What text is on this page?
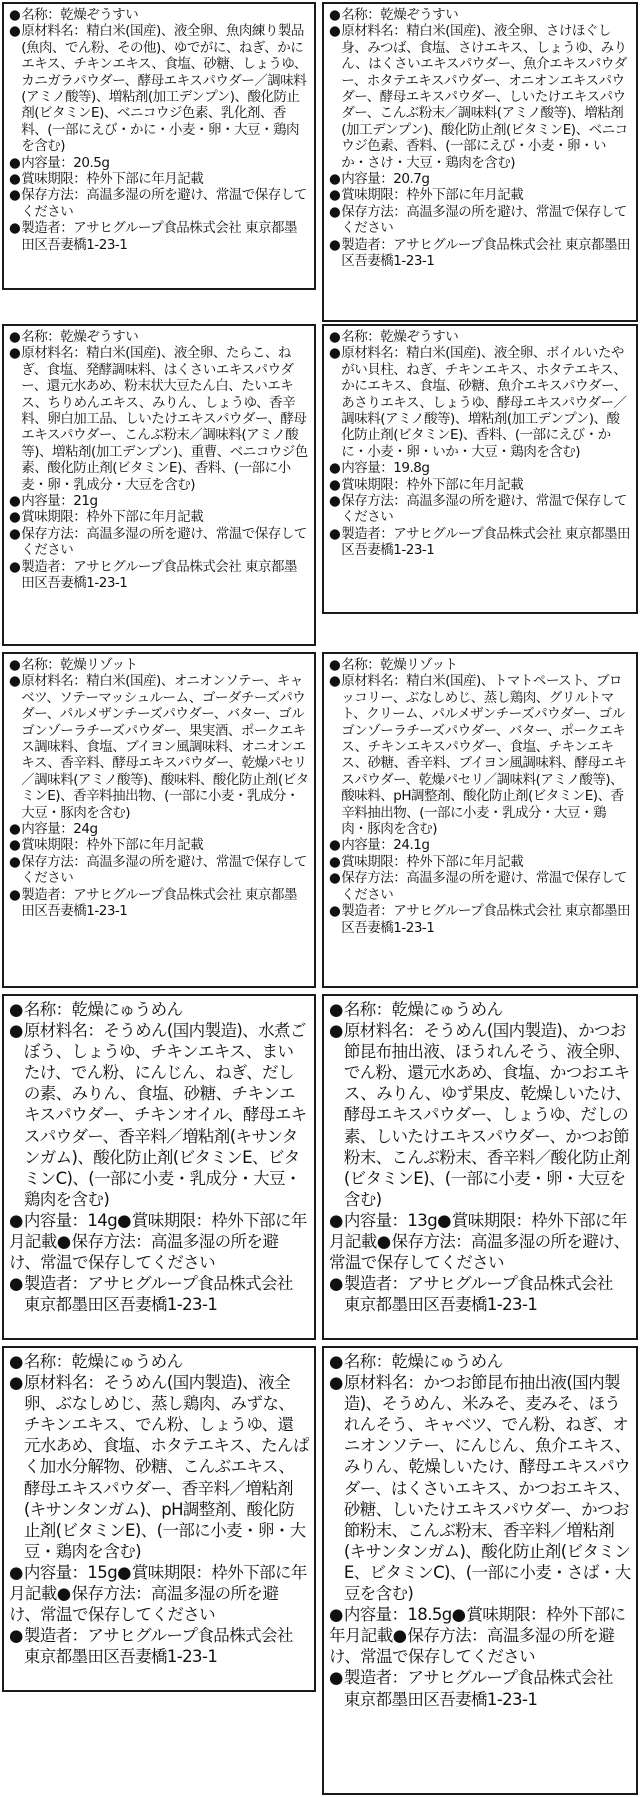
● 名称：乾燥ぞうすい
● 原材料名：精白米(国産)、液全卵、魚肉練り製品(魚肉、でん粉、その他)、ゆでがに、ねぎ、かにエキス、チキンエキス、食塩、砂糖、しょうゆ、カニガラパウダー、酵母エキスパウダー／調味料(アミノ酸等)、増粘剤(加工デンプン)、酸化防止剤(ビタミンE)、ベニコウジ色素、乳化剤、香料、(一部にえび・かに・小麦・卵・大豆・鶏肉を含む)
● 内容量：20.5g
● 賞味期限：枠外下部に年月記載
● 保存方法：高温多湿の所を避け、常温で保存してください
● 製造者：アサヒグループ食品株式会社 東京都墨田区吾妻橋1-23-1
● 名称：乾燥ぞうすい
● 原材料名：精白米(国産)、液全卵、さけほぐし身、みつば、食塩、さけエキス、しょうゆ、みりん、はくさいエキスパウダー、魚介エキスパウダー、ホタテエキスパウダー、オニオンエキスパウダー、酵母エキスパウダー、しいたけエキスパウダー、こんぶ粉末／調味料(アミノ酸等)、増粘剤(加工デンプン)、酸化防止剤(ビタミンE)、ベニコウジ色素、香料、(一部にえび・小麦・卵・いか・さけ・大豆・鶏肉を含む)
● 内容量：20.7g
● 賞味期限：枠外下部に年月記載
● 保存方法：高温多湿の所を避け、常温で保存してください
● 製造者：アサヒグループ食品株式会社 東京都墨田区吾妻橋1-23-1
● 名称：乾燥ぞうすい
● 原材料名：精白米(国産)、液全卵、たらこ、ねぎ、食塩、発酵調味料、はくさいエキスパウダー、還元水あめ、粉末状大豆たん白、たいエキス、ちりめんエキス、みりん、しょうゆ、香辛料、卵白加工品、しいたけエキスパウダー、酵母エキスパウダー、こんぶ粉末／調味料(アミノ酸等)、増粘剤(加工デンプン)、重曹、ベニコウジ色素、酸化防止剤(ビタミンE)、香料、(一部に小麦・卵・乳成分・大豆を含む)
● 内容量：21g
● 賞味期限：枠外下部に年月記載
● 保存方法：高温多湿の所を避け、常温で保存してください
● 製造者：アサヒグループ食品株式会社 東京都墨田区吾妻橋1-23-1
● 名称：乾燥ぞうすい
● 原材料名：精白米(国産)、液全卵、ボイルいたやがい貝柱、ねぎ、チキンエキス、ホタテエキス、かにエキス、食塩、砂糖、魚介エキスパウダー、あさりエキス、しょうゆ、酵母エキスパウダー／調味料(アミノ酸等)、増粘剤(加工デンプン)、酸化防止剤(ビタミンE)、香料、(一部にえび・かに・小麦・卵・いか・大豆・鶏肉を含む)
● 内容量：19.8g
● 賞味期限：枠外下部に年月記載
● 保存方法：高温多湿の所を避け、常温で保存してください
● 製造者：アサヒグループ食品株式会社 東京都墨田区吾妻橋1-23-1
● 名称：乾燥リゾット
● 原材料名：精白米(国産)、オニオンソテー、キャベツ、ソテーマッシュルーム、ゴーダチーズパウダー、パルメザンチーズパウダー、バター、ゴルゴンゾーラチーズパウダー、果実酒、ポークエキス調味料、食塩、ブイヨン風調味料、オニオンエキス、香辛料、酵母エキスパウダー、乾燥パセリ／調味料(アミノ酸等)、酸味料、酸化防止剤(ビタミンE)、香辛料抽出物、(一部に小麦・乳成分・大豆・豚肉を含む)
● 内容量：24g
● 賞味期限：枠外下部に年月記載
● 保存方法：高温多湿の所を避け、常温で保存してください
● 製造者：アサヒグループ食品株式会社 東京都墨田区吾妻橋1-23-1
● 名称：乾燥リゾット
● 原材料名：精白米(国産)、トマトペースト、ブロッコリー、ぶなしめじ、蒸し鶏肉、グリルトマト、クリーム、パルメザンチーズパウダー、ゴルゴンゾーラチーズパウダー、バター、ポークエキス、チキンエキスパウダー、食塩、チキンエキス、砂糖、香辛料、ブイヨン風調味料、酵母エキスパウダー、乾燥パセリ／調味料(アミノ酸等)、酸味料、pH調整剤、酸化防止剤(ビタミンE)、香辛料抽出物、(一部に小麦・乳成分・大豆・鶏肉・豚肉を含む)
● 内容量：24.1g
● 賞味期限：枠外下部に年月記載
● 保存方法：高温多湿の所を避け、常温で保存してください
● 製造者：アサヒグループ食品株式会社 東京都墨田区吾妻橋1-23-1
● 名称：乾燥にゅうめん
● 原材料名：そうめん(国内製造)、水煮ごぼう、しょうゆ、チキンエキス、まいたけ、でん粉、にんじん、ねぎ、だしの素、みりん、食塩、砂糖、チキンエキスパウダー、チキンオイル、酵母エキスパウダー、香辛料／増粘剤(キサンタンガム)、酸化防止剤(ビタミンE、ビタミンC)、(一部に小麦・乳成分・大豆・鶏肉を含む)
●内容量：14g●賞味期限：枠外下部に年月記載●保存方法：高温多湿の所を避け、常温で保存してください
● 製造者：アサヒグループ食品株式会社 東京都墨田区吾妻橋1-23-1
● 名称：乾燥にゅうめん
● 原材料名：そうめん(国内製造)、かつお節昆布抽出液、ほうれんそう、液全卵、でん粉、還元水あめ、食塩、かつおエキス、みりん、ゆず果皮、乾燥しいたけ、酵母エキスパウダー、しょうゆ、だしの素、しいたけエキスパウダー、かつお節粉末、こんぶ粉末、香辛料／酸化防止剤(ビタミンE)、(一部に小麦・卵・大豆を含む)
●内容量：13g●賞味期限：枠外下部に年月記載●保存方法：高温多湿の所を避け、常温で保存してください
● 製造者：アサヒグループ食品株式会社 東京都墨田区吾妻橋1-23-1
● 名称：乾燥にゅうめん
● 原材料名：そうめん(国内製造)、液全卵、ぶなしめじ、蒸し鶏肉、みずな、チキンエキス、でん粉、しょうゆ、還元水あめ、食塩、ホタテエキス、たんぱく加水分解物、砂糖、こんぶエキス、酵母エキスパウダー、香辛料／増粘剤(キサンタンガム)、pH調整剤、酸化防止剤(ビタミンE)、(一部に小麦・卵・大豆・鶏肉を含む)
●内容量：15g●賞味期限：枠外下部に年月記載●保存方法：高温多湿の所を避け、常温で保存してください
● 製造者：アサヒグループ食品株式会社 東京都墨田区吾妻橋1-23-1
● 名称：乾燥にゅうめん
● 原材料名：かつお節昆布抽出液(国内製造)、そうめん、米みそ、麦みそ、ほうれんそう、キャベツ、でん粉、ねぎ、オニオンソテー、にんじん、魚介エキス、みりん、乾燥しいたけ、酵母エキスパウダー、はくさいエキス、かつおエキス、砂糖、しいたけエキスパウダー、かつお節粉末、こんぶ粉末、香辛料／増粘剤(キサンタンガム)、酸化防止剤(ビタミンE、ビタミンC)、(一部に小麦・さば・大豆を含む)
●内容量：18.5g●賞味期限：枠外下部に年月記載●保存方法：高温多湿の所を避け、常温で保存してください
● 製造者：アサヒグループ食品株式会社 東京都墨田区吾妻橋1-23-1
